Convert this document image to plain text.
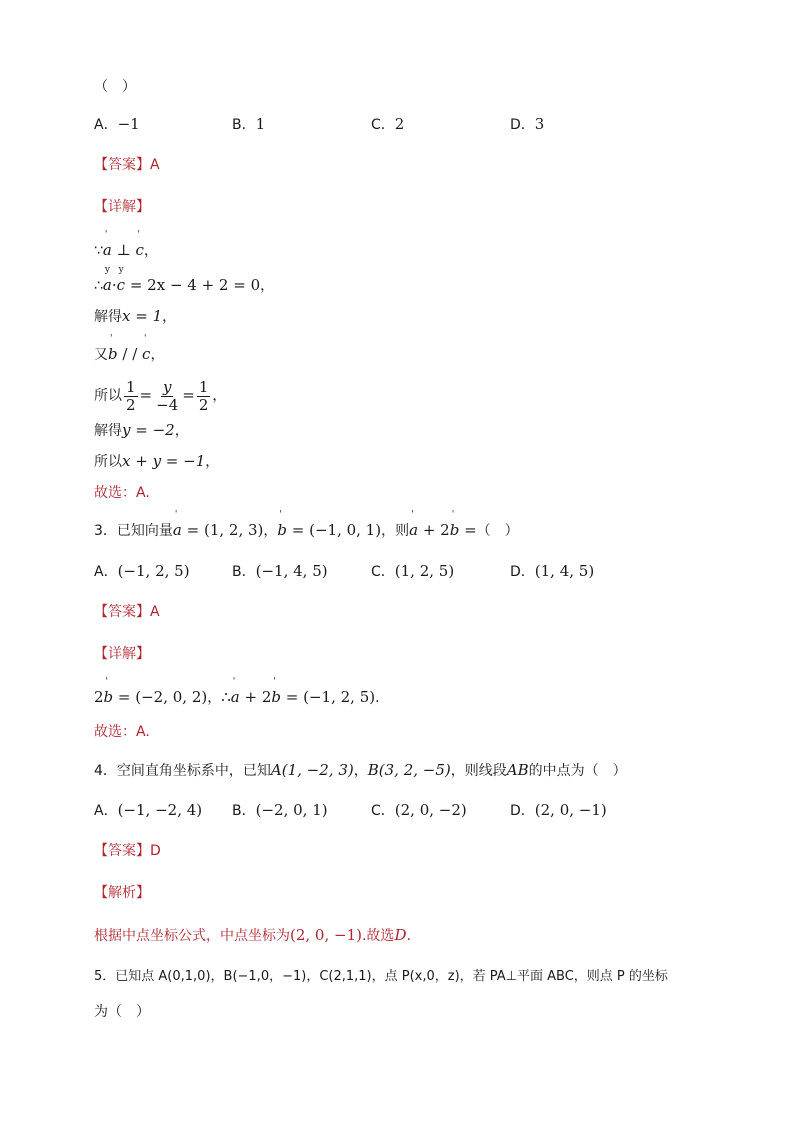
（　）
A．−1	B．1	C．2	D．3
【答案】A
【详解】
∵
'
a ⊥
'
c，
∴
y
a·
y
c = 2x − 4 + 2 = 0，
解得x = 1，
又
'
b / /
'
c，
所以 $\frac{1}{2} = \frac{y}{-4} = \frac{1}{2}$ ，
解得y = −2，
所以x + y = −1，
故选：A.
3．已知向量
'
a = (1, 2, 3)，
'
b = (−1, 0, 1)，则
'
a + 2
'
b =（　）
A．(−1, 2, 5)	B．(−1, 4, 5)	C．(1, 2, 5)	D．(1, 4, 5)
【答案】A
【详解】
2
'
b = (−2, 0, 2)，∴
'
a + 2
'
b = (−1, 2, 5).
故选：A.
4．空间直角坐标系中，已知A(1, −2, 3)，B(3, 2, −5)，则线段AB的中点为（　）
A．(−1, −2, 4) B．(−2, 0, 1)	C．(2, 0, −2)	D．(2, 0, −1)
【答案】D
【解析】
根据中点坐标公式，中点坐标为(2, 0, −1).故选D.
5．已知点 A(0,1,0)，B(−1,0，−1)，C(2,1,1)，点 P(x,0，z)，若 PA⊥平面 ABC，则点 P 的坐标
为（　）
